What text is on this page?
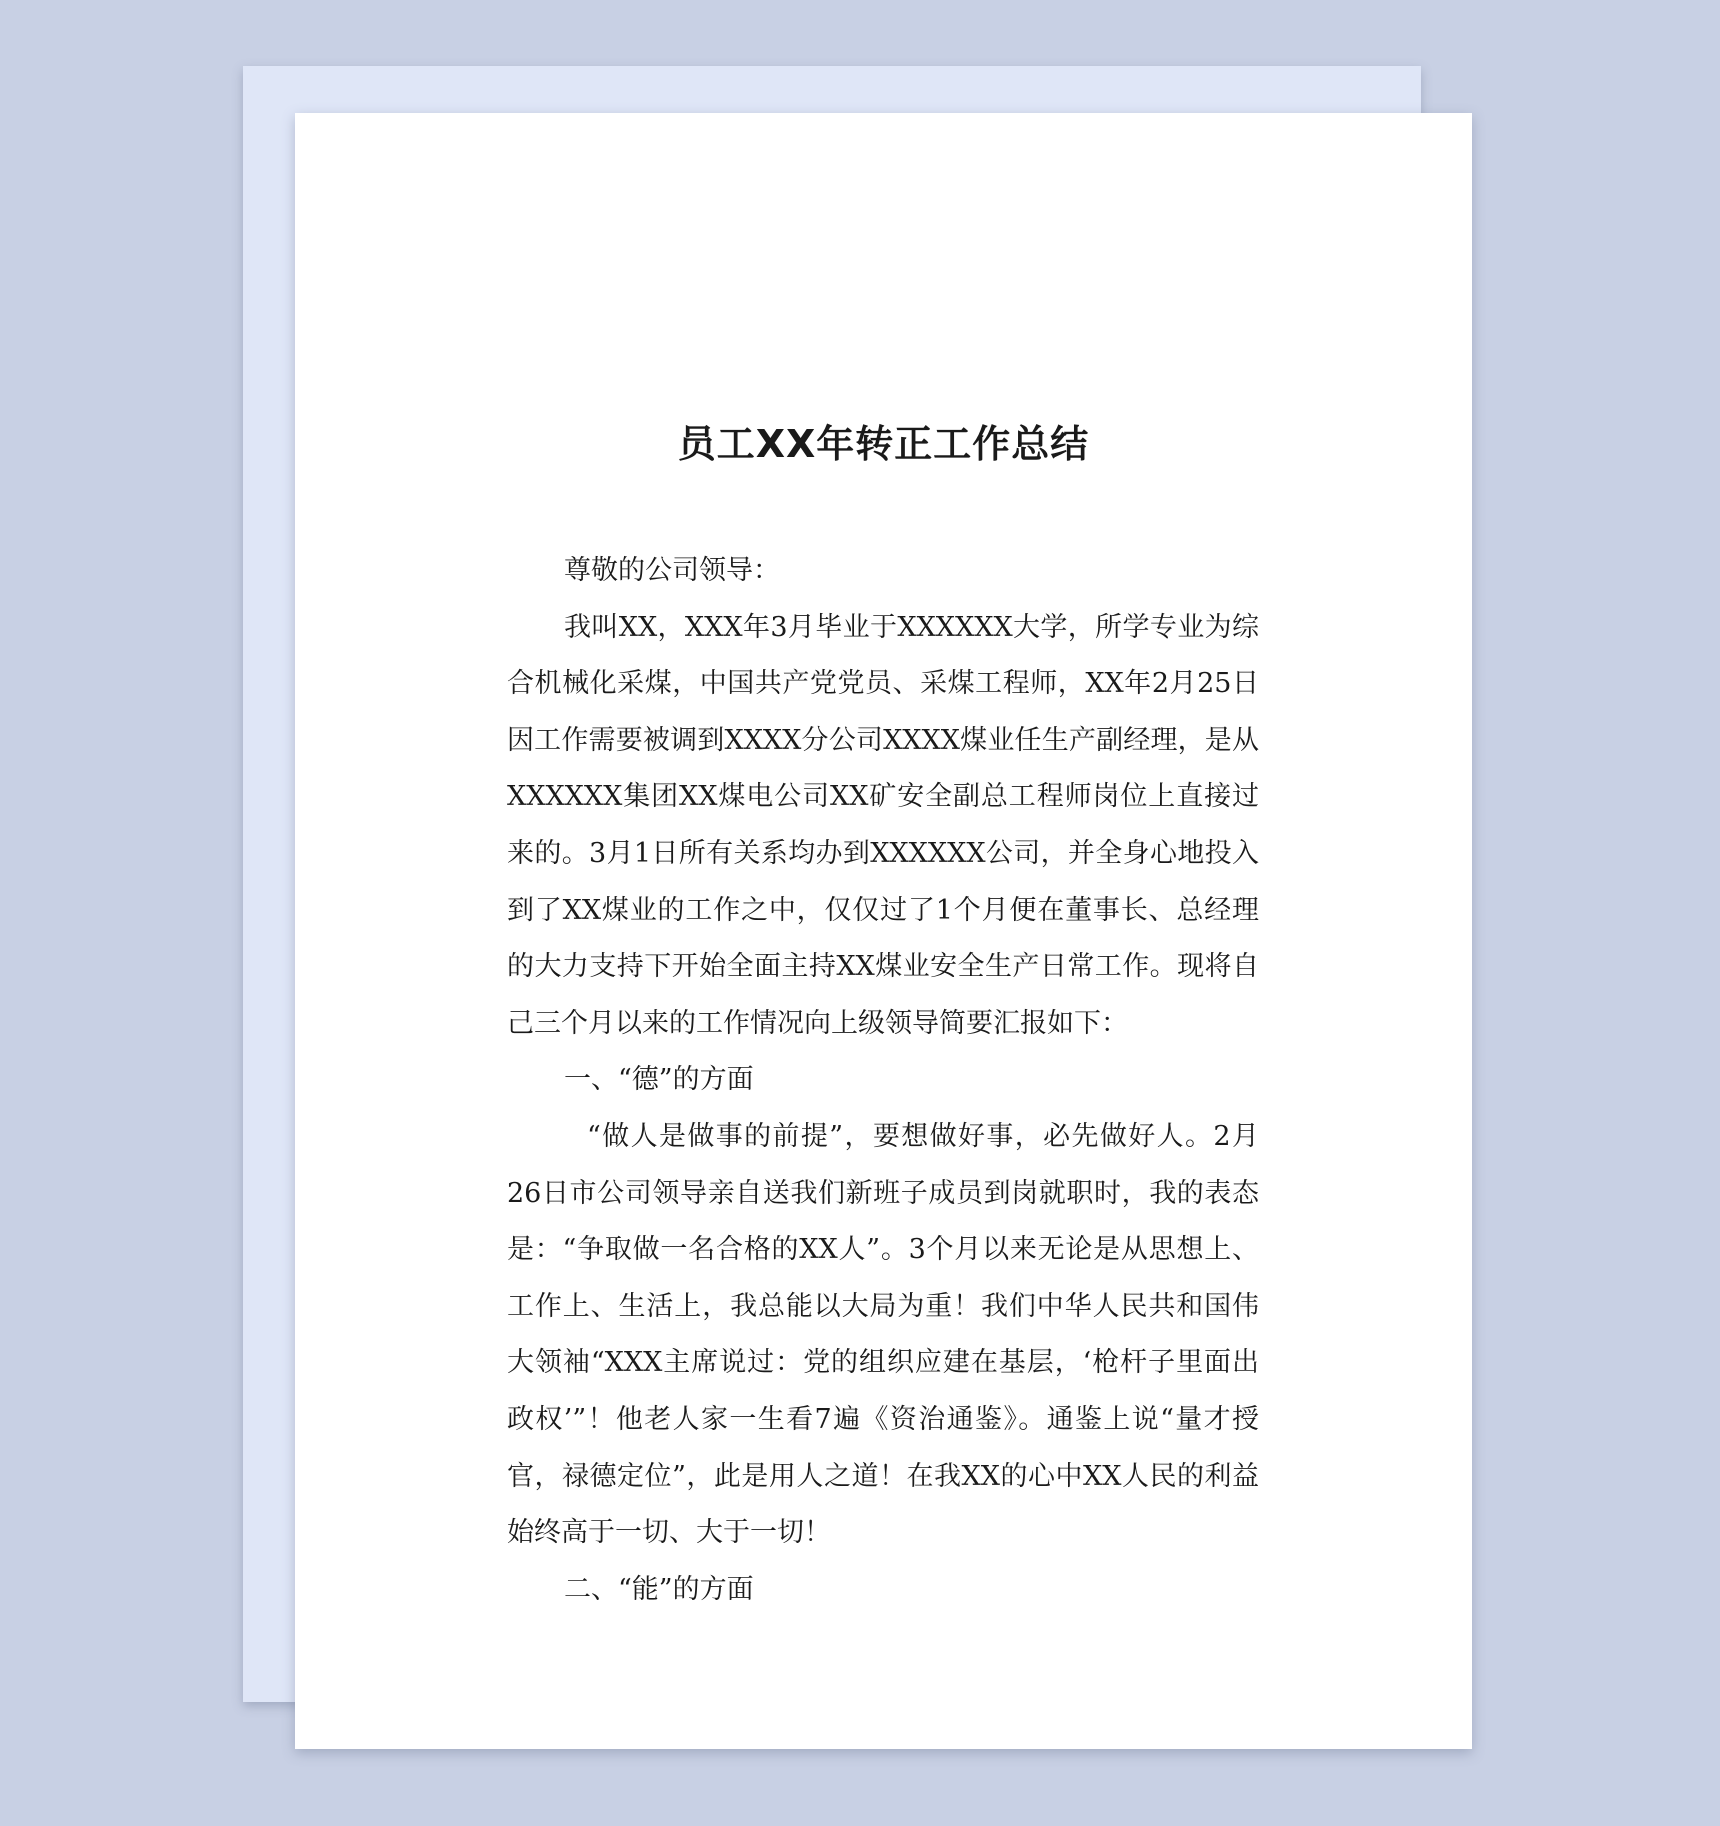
员工XX年转正工作总结

尊敬的公司领导：

我叫XX，XXX年3月毕业于XXXXXX大学，所学专业为综合机械化采煤，中国共产党党员、采煤工程师，XX年2月25日因工作需要被调到XXXX分公司XXXX煤业任生产副经理，是从XXXXXX集团XX煤电公司XX矿安全副总工程师岗位上直接过来的。3月1日所有关系均办到XXXXXX公司，并全身心地投入到了XX煤业的工作之中，仅仅过了1个月便在董事长、总经理的大力支持下开始全面主持XX煤业安全生产日常工作。现将自己三个月以来的工作情况向上级领导简要汇报如下：

一、“德”的方面

“做人是做事的前提”，要想做好事，必先做好人。2月26日市公司领导亲自送我们新班子成员到岗就职时，我的表态是：“争取做一名合格的XX人”。3个月以来无论是从思想上、工作上、生活上，我总能以大局为重！我们中华人民共和国伟大领袖“XXX主席说过：党的组织应建在基层，‘枪杆子里面出政权’”！他老人家一生看7遍《资治通鉴》。通鉴上说“量才授官，禄德定位”，此是用人之道！在我XX的心中XX人民的利益始终高于一切、大于一切！

二、“能”的方面
